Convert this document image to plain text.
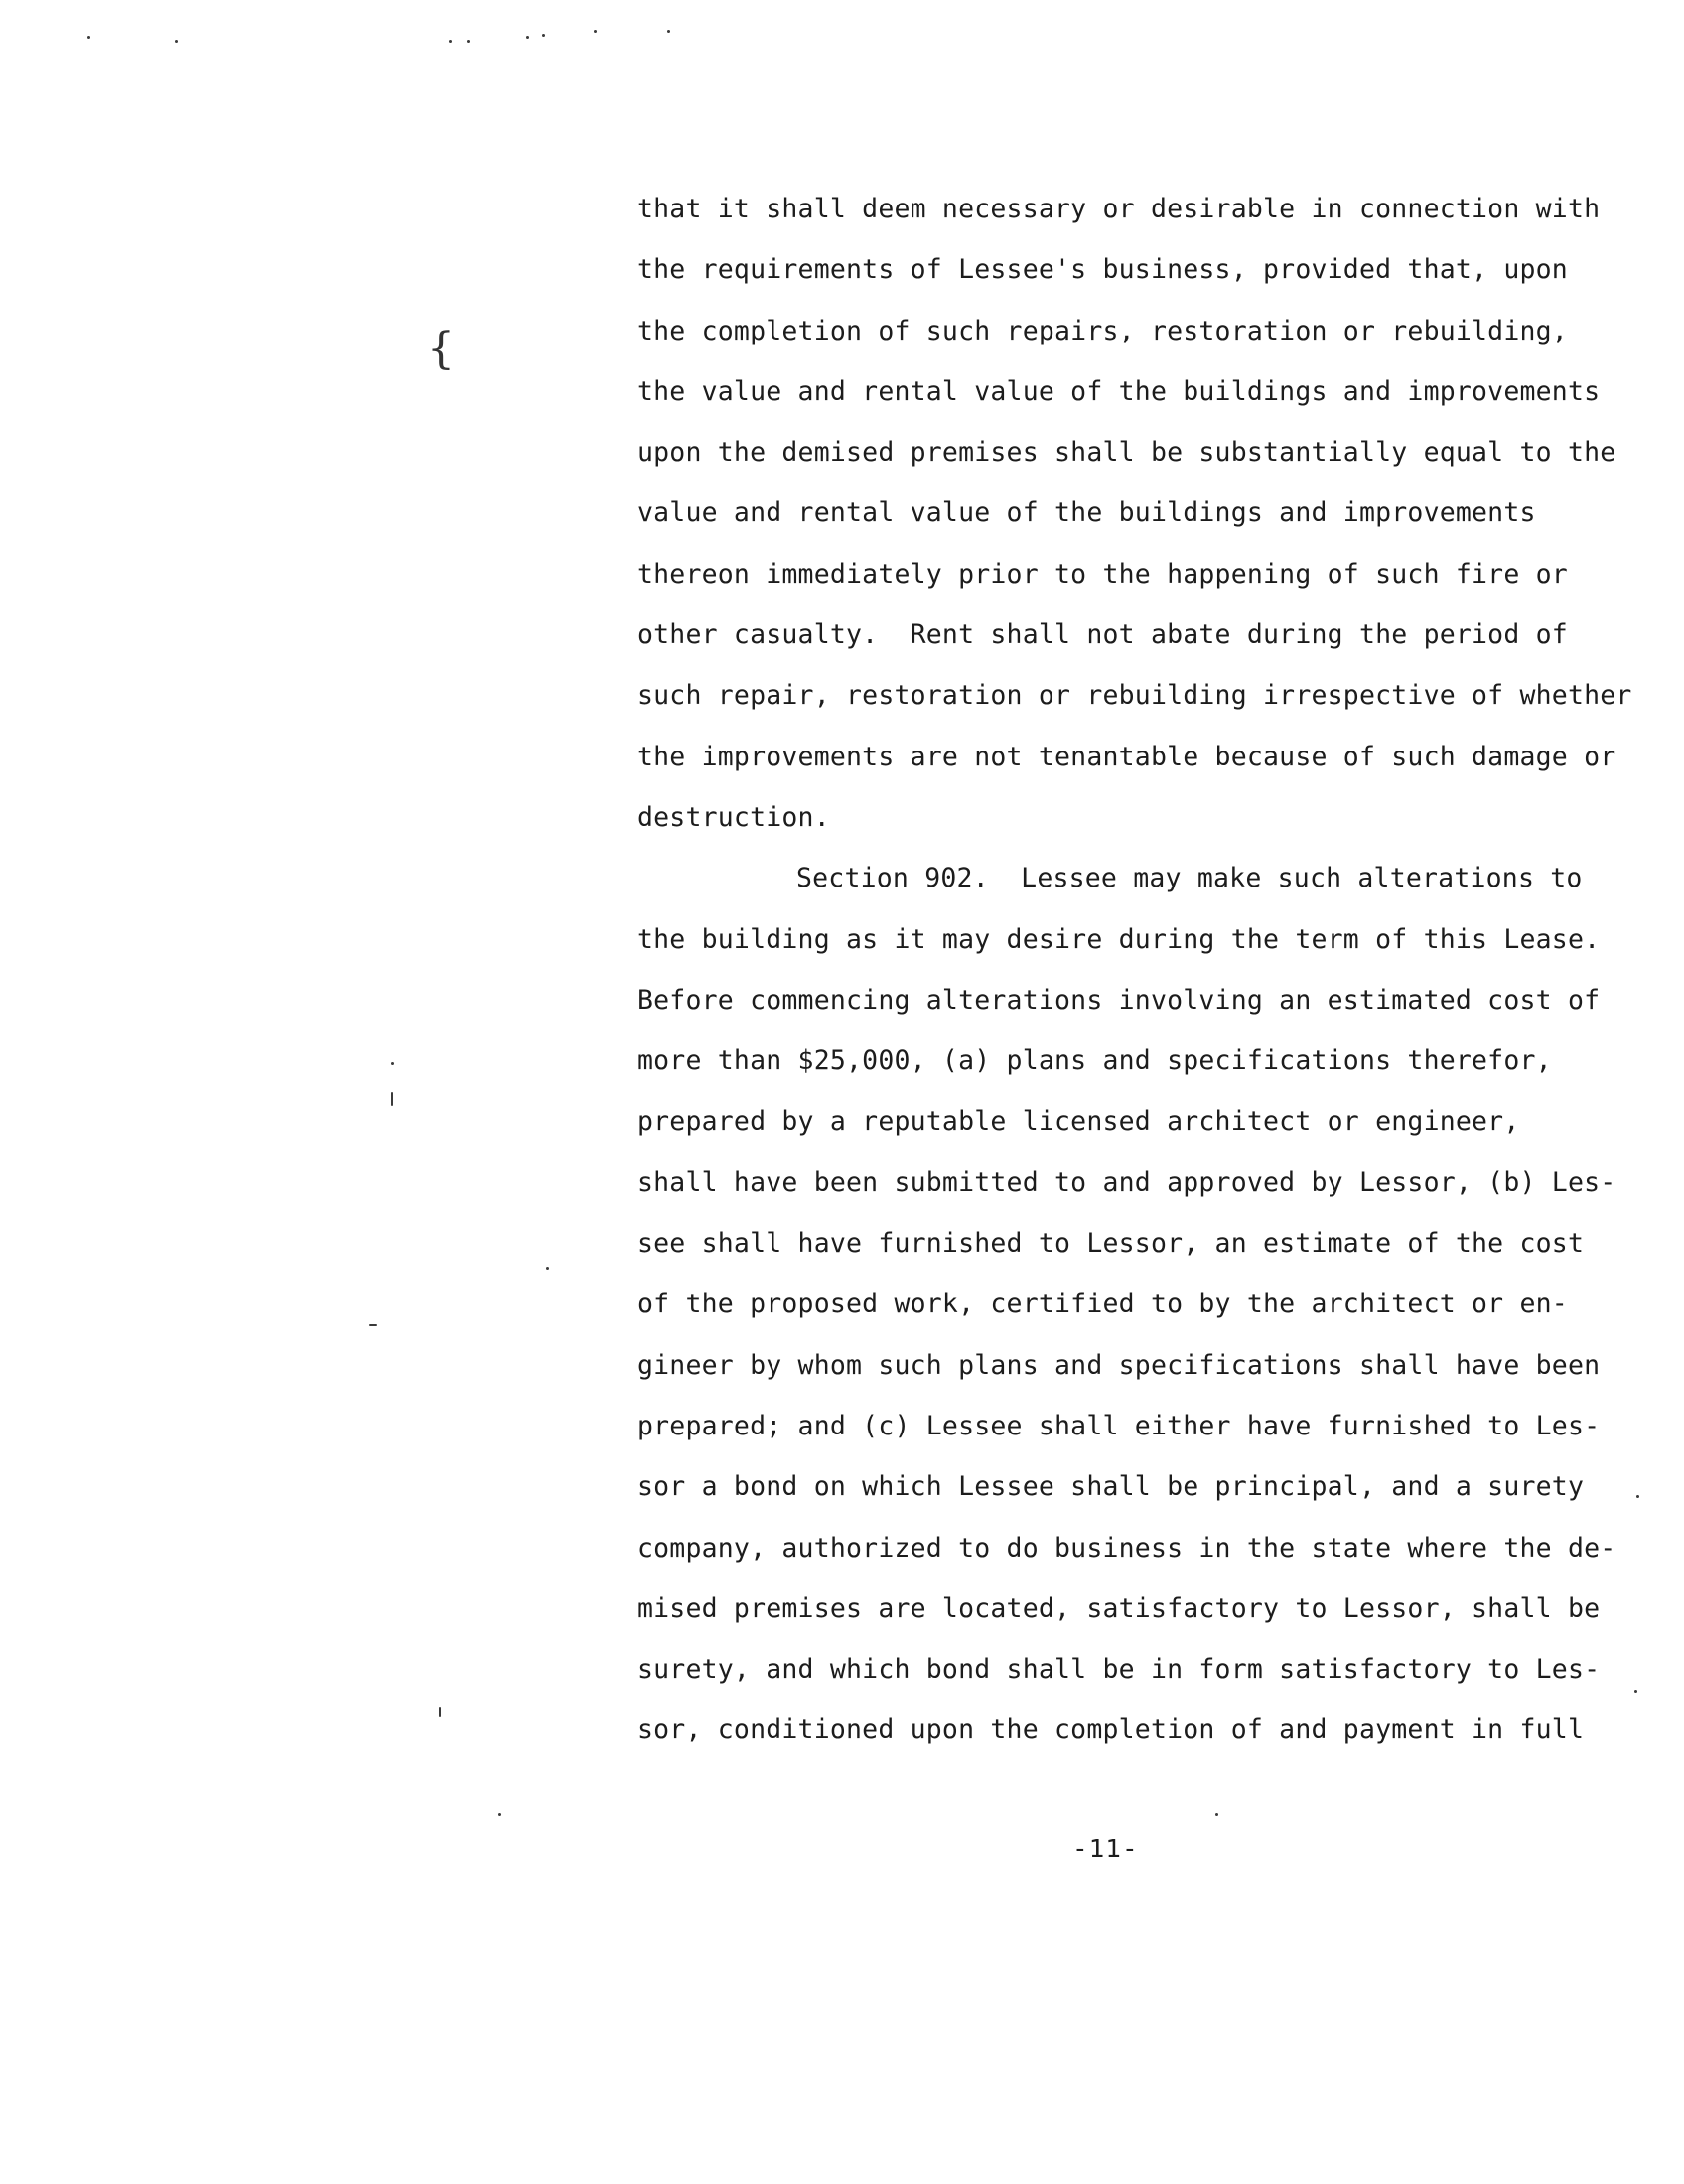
{
that it shall deem necessary or desirable in connection with
the requirements of Lessee's business, provided that, upon
the completion of such repairs, restoration or rebuilding,
the value and rental value of the buildings and improvements
upon the demised premises shall be substantially equal to the
value and rental value of the buildings and improvements
thereon immediately prior to the happening of such fire or
other casualty.  Rent shall not abate during the period of
such repair, restoration or rebuilding irrespective of whether
the improvements are not tenantable because of such damage or
destruction.
Section 902.  Lessee may make such alterations to
the building as it may desire during the term of this Lease.
Before commencing alterations involving an estimated cost of
more than $25,000, (a) plans and specifications therefor,
prepared by a reputable licensed architect or engineer,
shall have been submitted to and approved by Lessor, (b) Les-
see shall have furnished to Lessor, an estimate of the cost
of the proposed work, certified to by the architect or en-
gineer by whom such plans and specifications shall have been
prepared; and (c) Lessee shall either have furnished to Les-
sor a bond on which Lessee shall be principal, and a surety
company, authorized to do business in the state where the de-
mised premises are located, satisfactory to Lessor, shall be
surety, and which bond shall be in form satisfactory to Les-
sor, conditioned upon the completion of and payment in full
-11-
